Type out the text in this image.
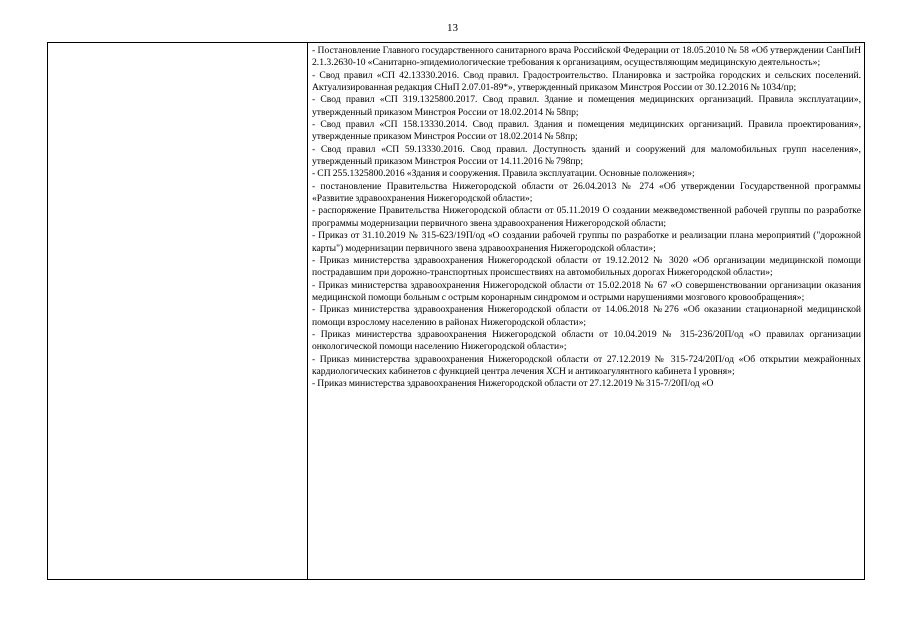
13

- Постановление Главного государственного санитарного врача Российской Федерации от 18.05.2010 № 58 «Об утверждении СанПиН 2.1.3.2630-10 «Санитарно-эпидемиологические требования к организациям, осуществляющим медицинскую деятельность»;
- Свод правил «СП 42.13330.2016. Свод правил. Градостроительство. Планировка и застройка городских и сельских поселений. Актуализированная редакция СНиП 2.07.01-89*», утвержденный приказом Минстроя России от 30.12.2016 № 1034/пр;
- Свод правил «СП 319.1325800.2017. Свод правил. Здание и помещения медицинских организаций. Правила эксплуатации», утвержденный приказом Минстроя России от 18.02.2014 № 58пр;
- Свод правил «СП 158.13330.2014. Свод правил. Здания и помещения медицинских организаций. Правила проектирования», утвержденные приказом Минстроя России от 18.02.2014 № 58пр;
- Свод правил «СП 59.13330.2016. Свод правил. Доступность зданий и сооружений для маломобильных групп населения», утвержденный приказом Минстроя России от 14.11.2016 № 798пр;
- СП 255.1325800.2016 «Здания и сооружения. Правила эксплуатации. Основные положения»;
- постановление Правительства Нижегородской области от 26.04.2013 № 274 «Об утверждении Государственной программы «Развитие здравоохранения Нижегородской области»;
- распоряжение Правительства Нижегородской области от 05.11.2019 О создании межведомственной рабочей группы по разработке программы модернизации первичного звена здравоохранения Нижегородской области;
- Приказ от 31.10.2019 № 315-623/19П/од «О создании рабочей группы по разработке и реализации плана мероприятий ("дорожной карты") модернизации первичного звена здравоохранения Нижегородской области»;
- Приказ министерства здравоохранения Нижегородской области от 19.12.2012 № 3020 «Об организации медицинской помощи пострадавшим при дорожно-транспортных происшествиях на автомобильных дорогах Нижегородской области»;
- Приказ министерства здравоохранения Нижегородской области от 15.02.2018 № 67 «О совершенствовании организации оказания медицинской помощи больным с острым коронарным синдромом и острыми нарушениями мозгового кровообращения»;
- Приказ министерства здравоохранения Нижегородской области от 14.06.2018 №276 «Об оказании стационарной медицинской помощи взрослому населению в районах Нижегородской области»;
- Приказ министерства здравоохранения Нижегородской области от 10.04.2019 № 315-236/20П/од «О правилах организации онкологической помощи населению Нижегородской области»;
- Приказ министерства здравоохранения Нижегородской области от 27.12.2019 № 315-724/20П/од «Об открытии межрайонных кардиологических кабинетов с функцией центра лечения ХСН и антикоагулянтного кабинета I уровня»;
- Приказ министерства здравоохранения Нижегородской области от 27.12.2019 № 315-7/20П/од «О
